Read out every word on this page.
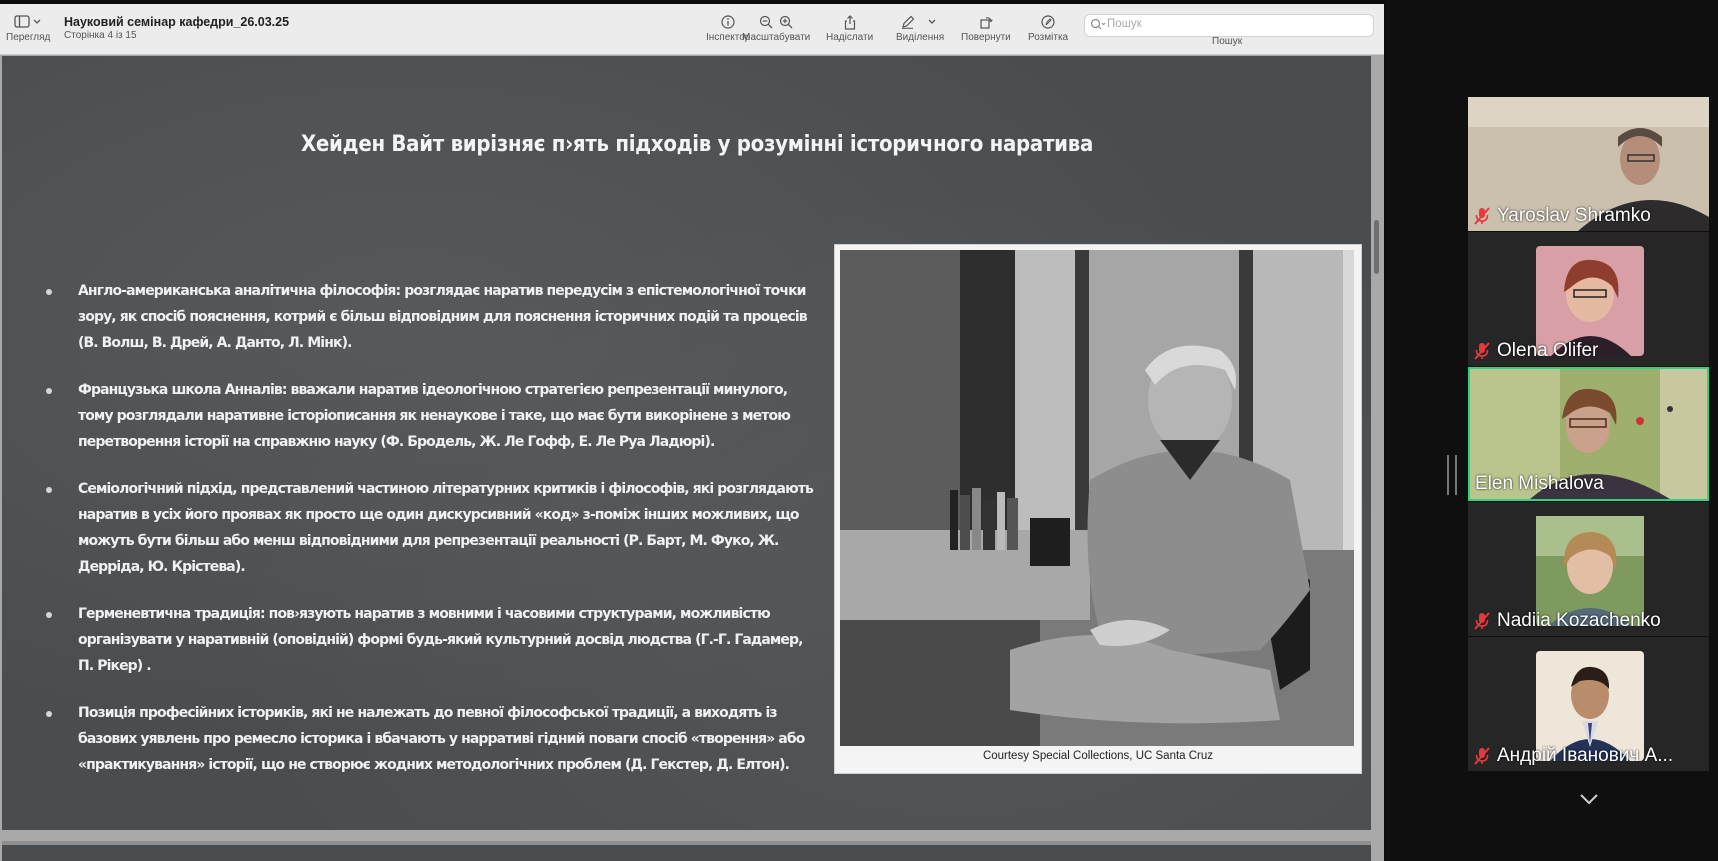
Перегляд
Науковий семінар кафедри_26.03.25
Сторінка 4 із 15	Інспектор
Масштабувати Надіслати Виділення Повернути Розмітка
Пошук
Пошук
Хейден Вайт вирізняє п›ять підходів у розумінні історичного наратива
Англо-американська аналітична філософія: розглядає наратив передусім з епістемологічної точки зору, як спосіб пояснення, котрий є більш відповідним для пояснення історичних подій та процесів (В. Волш, В. Дрей, А. Данто, Л. Мінк).
Французька школа Анналів: вважали наратив ідеологічною стратегією репрезентації минулого, тому розглядали наративне історіописання як ненаукове і таке, що має бути викорінене з метою перетворення історії на справжню науку (Ф. Бродель, Ж. Ле Гофф, Е. Ле Руа Ладюрі).
Семіологічний підхід, представлений частиною літературних критиків і філософів, які розглядають наратив в усіх його проявах як просто ще один дискурсивний «код» з-поміж інших можливих, що можуть бути більш або менш відповідними для репрезентації реальності (Р. Барт, М. Фуко, Ж. Дерріда, Ю. Крістева).
Герменевтична традиція: пов›язують наратив з мовними і часовими структурами, можливістю організувати у наративній (оповідній) формі будь-який культурний досвід людства (Г.-Г. Гадамер, П. Рікер) .
Позиція професійних істориків, які не належать до певної філософської традиції, а виходять із базових уявлень про ремесло історика і вбачають у нарративі гідний поваги спосіб «творення» або «практикування» історії, що не створює жодних методологічних проблем (Д. Гекстер, Д. Елтон).
Courtesy Special Collections, UC Santa Cruz
Yaroslav Shramko
Olena Olifer
Elen Mishalova
Nadiia Kozachenko
Андрій Іванович А...
